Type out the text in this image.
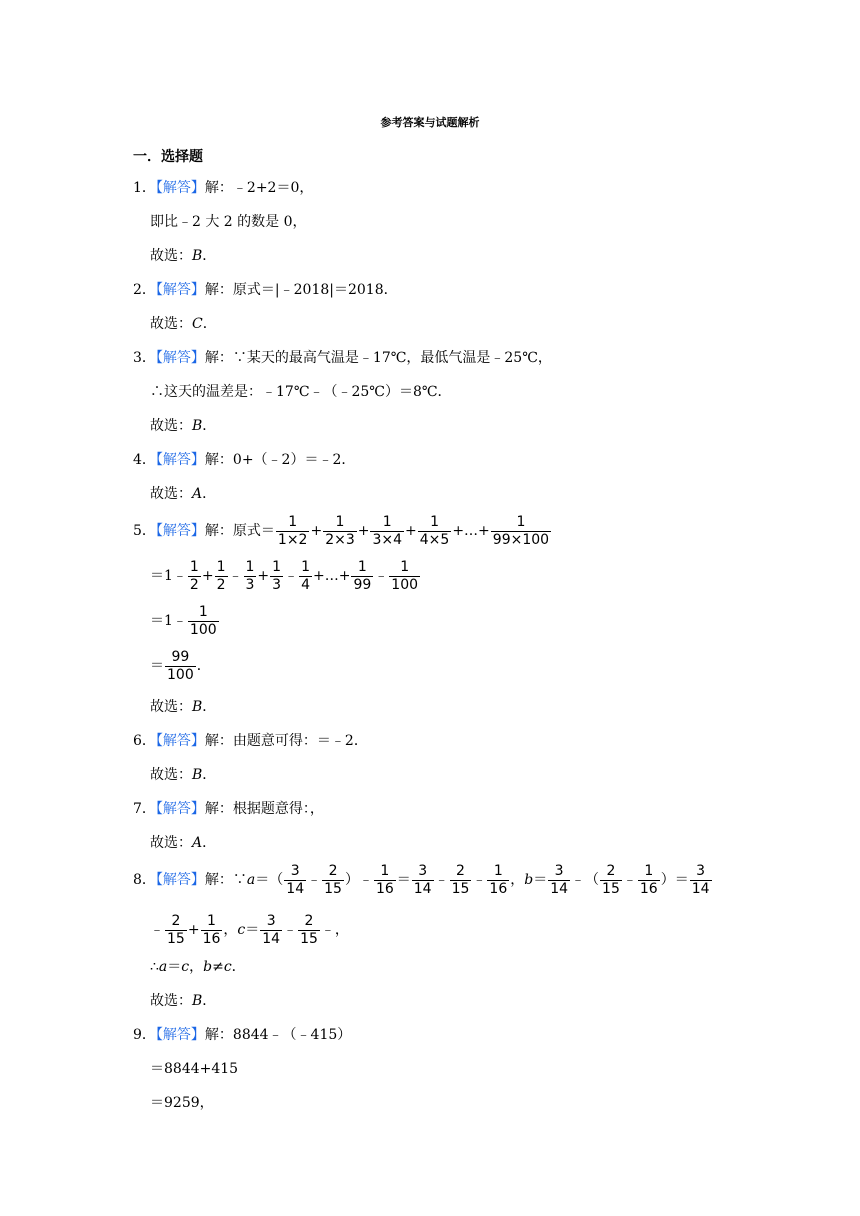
参考答案与试题解析
一．选择题
1．【解答】解：﹣2+2＝0，
即比﹣2 大 2 的数是 0，
故选：B．
2．【解答】解：原式＝|﹣2018|＝2018．
故选：C．
3．【解答】解：∵某天的最高气温是﹣17℃，最低气温是﹣25℃，
∴这天的温差是：﹣17℃﹣（﹣25℃）＝8℃．
故选：B．
4．【解答】解：0+（﹣2）＝﹣2．
故选：A．
5．【解答】解：原式＝ $\frac{1}{1\times 2} + \frac{1}{2\times 3} + \frac{1}{3\times 4} + \frac{1}{4\times 5}$ +…+ $\frac{1}{99\times 100}$
＝1﹣ $\frac{1}{2} + \frac{1}{2}$ ﹣ $\frac{1}{3} + \frac{1}{3}$ ﹣ $\frac{1}{4}$ +…+ $\frac{1}{99}$ ﹣ $\frac{1}{100}$
＝1﹣ $\frac{1}{100}$
＝ $\frac{99}{100}$ ．
故选：B．
6．【解答】解：由题意可得：＝﹣2．
故选：B．
7．【解答】解：根据题意得：，
故选：A．
8．【解答】解：∵a＝（ $\frac{3}{14}$ ﹣ $\frac{2}{15}$ ）﹣ $\frac{1}{16} = \frac{3}{14}$ ﹣ $\frac{2}{15}$ ﹣ $\frac{1}{16}$ ，$b= \frac{3}{14}$ ﹣（ $\frac{2}{15}$ ﹣ $\frac{1}{16}$ ）＝ $\frac{3}{14}$
﹣ $\frac{2}{15} + \frac{1}{16}$ ，$c= \frac{3}{14}$ ﹣ $\frac{2}{15}$ ﹣，
∴a＝c，b≠c．
故选：B．
9．【解答】解：8844﹣（﹣415）
＝8844+415
＝9259，
